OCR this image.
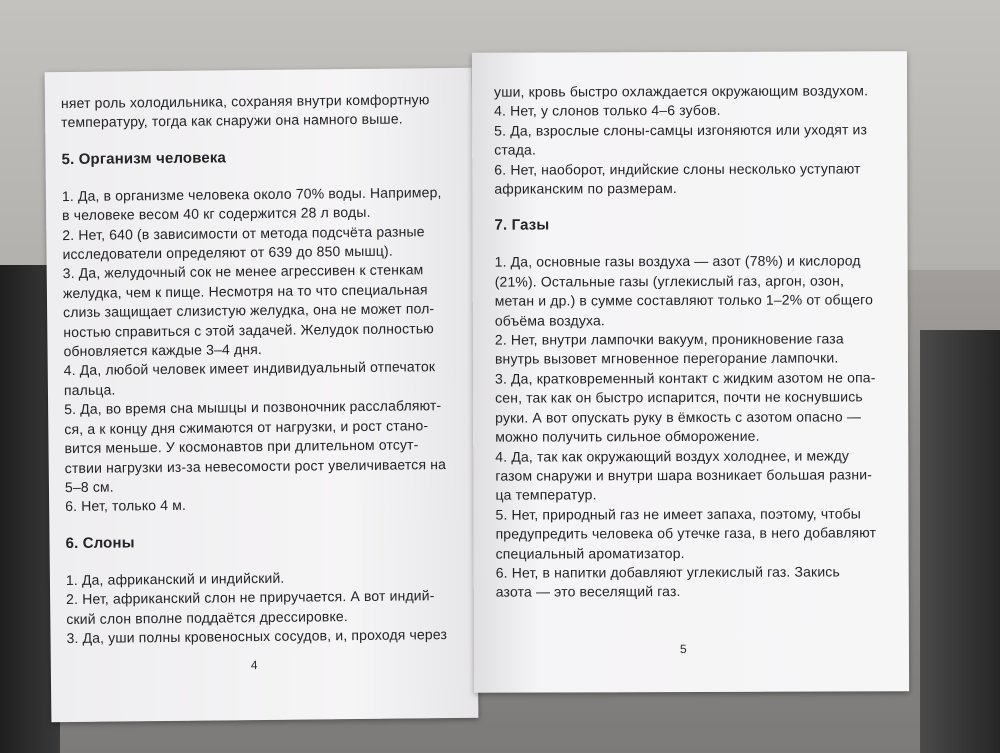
няет роль холодильника, сохраняя внутри комфортную

температуру, тогда как снаружи она намного выше.

5. Организм человека

1. Да, в организме человека около 70% воды. Например,

в человеке весом 40 кг содержится 28 л воды.

2. Нет, 640 (в зависимости от метода подсчёта разные

исследователи определяют от 639 до 850 мышц).

3. Да, желудочный сок не менее агрессивен к стенкам

желудка, чем к пище. Несмотря на то что специальная

слизь защищает слизистую желудка, она не может пол-

ностью справиться с этой задачей. Желудок полностью

обновляется каждые 3–4 дня.

4. Да, любой человек имеет индивидуальный отпечаток

пальца.

5. Да, во время сна мышцы и позвоночник расслабляют-

ся, а к концу дня сжимаются от нагрузки, и рост стано-

вится меньше. У космонавтов при длительном отсут-

ствии нагрузки из-за невесомости рост увеличивается на

5–8 см.

6. Нет, только 4 м.

6. Слоны

1. Да, африканский и индийский.

2. Нет, африканский слон не приручается. А вот индий-

ский слон вполне поддаётся дрессировке.

3. Да, уши полны кровеносных сосудов, и, проходя через

4

уши, кровь быстро охлаждается окружающим воздухом.

4. Нет, у слонов только 4–6 зубов.

5. Да, взрослые слоны-самцы изгоняются или уходят из

стада.

6. Нет, наоборот, индийские слоны несколько уступают

африканским по размерам.

7. Газы

1. Да, основные газы воздуха — азот (78%) и кислород

(21%). Остальные газы (углекислый газ, аргон, озон,

метан и др.) в сумме составляют только 1–2% от общего

объёма воздуха.

2. Нет, внутри лампочки вакуум, проникновение газа

внутрь вызовет мгновенное перегорание лампочки.

3. Да, кратковременный контакт с жидким азотом не опа-

сен, так как он быстро испарится, почти не коснувшись

руки. А вот опускать руку в ёмкость с азотом опасно —

можно получить сильное обморожение.

4. Да, так как окружающий воздух холоднее, и между

газом снаружи и внутри шара возникает большая разни-

ца температур.

5. Нет, природный газ не имеет запаха, поэтому, чтобы

предупредить человека об утечке газа, в него добавляют

специальный ароматизатор.

6. Нет, в напитки добавляют углекислый газ. Закись

азота — это веселящий газ.

5
